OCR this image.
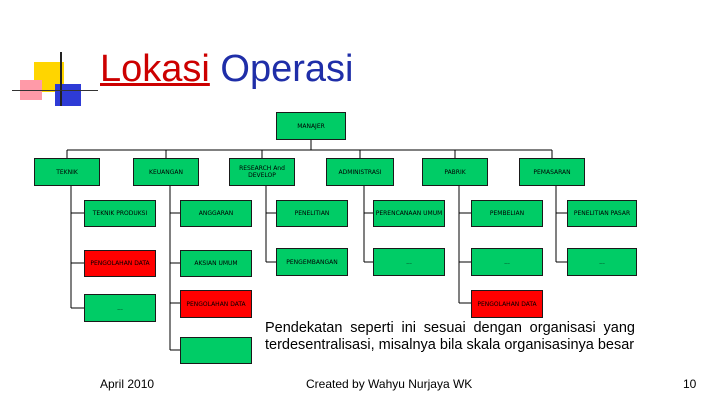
Lokasi Operasi
MANAJER
TEKNIK	KEUANGAN	RESEARCH And DEVELOP	ADMINISTRASI	PABRIK	PEMASARAN
TEKNIK PRODUKSI
PENGOLAHAN DATA
...
ANGGARAN
AKSIAN UMUM
PENGOLAHAN DATA
PENELITIAN
PENGEMBANGAN
PERENCANAAN UMUM
...
PEMBELIAN
...
PENGOLAHAN DATA
PENELITIAN PASAR
...
Pendekatan seperti ini sesuai dengan organisasi yang terdesentralisasi, misalnya bila skala organisasinya besar
April 2010	Created by Wahyu Nurjaya WK	10
